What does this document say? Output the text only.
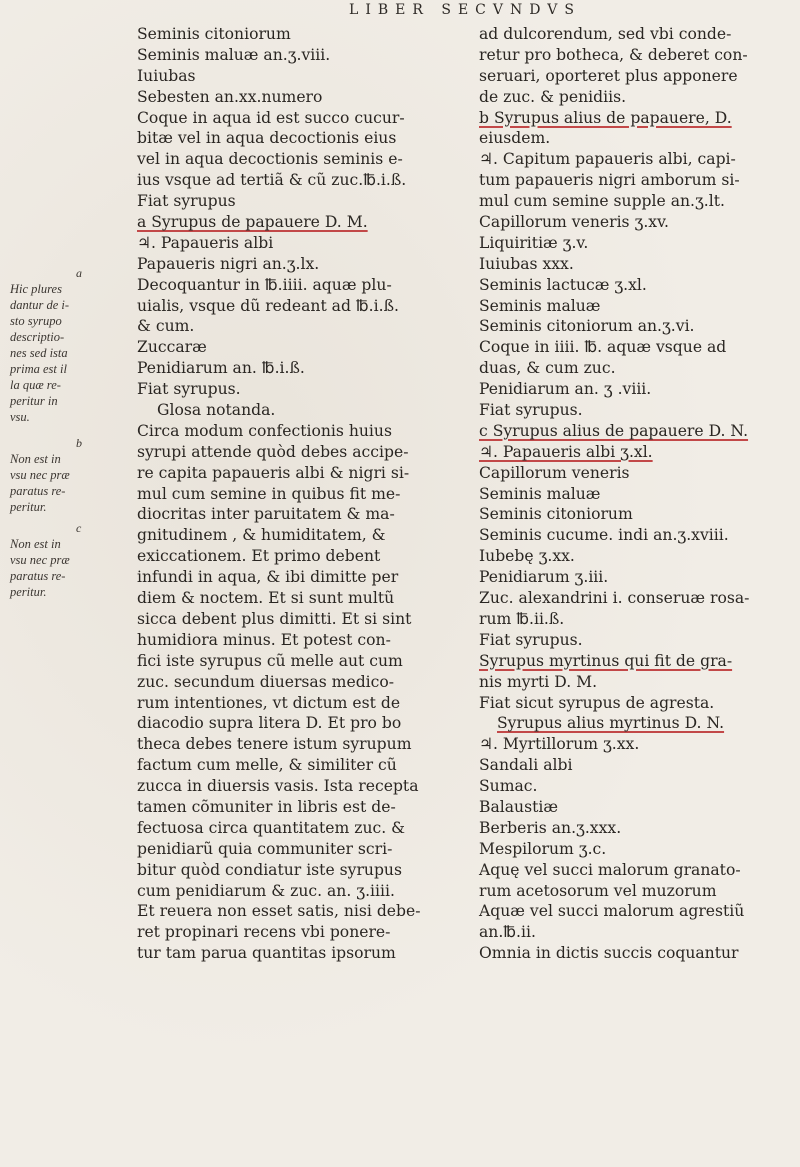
LIBER SECVNDVS
a
Hic plures
dantur de i-
sto syrupo
descriptio-
nes sed ista
prima est il
la quæ re-
peritur in
vsu.
b
Non est in
vsu nec præ
paratus re-
peritur.
c
Non est in
vsu nec præ
paratus re-
peritur.
Seminis citoniorum
Seminis maluæ an.ʒ.viii.
Iuiubas
Sebesten an.xx.numero
Coque in aqua id est succo cucur-
bitæ vel in aqua decoctionis eius
vel in aqua decoctionis seminis e-
ius vsque ad tertiã & cũ zuc.℔.i.ß.
Fiat syrupus
a Syrupus de papauere D. M.
♃. Papaueris albi
Papaueris nigri an.ʒ.lx.
Decoquantur in ℔.iiii. aquæ plu-
uialis, vsque dũ redeant ad ℔.i.ß.
& cum.
Zuccaræ
Penidiarum an. ℔.i.ß.
Fiat syrupus.
Glosa notanda.
Circa modum confectionis huius
syrupi attende quòd debes accipe-
re capita papaueris albi & nigri si-
mul cum semine in quibus fit me-
diocritas inter paruitatem & ma-
gnitudinem , & humiditatem, &
exiccationem. Et primo debent
infundi in aqua, & ibi dimitte per
diem & noctem. Et si sunt multũ
sicca debent plus dimitti. Et si sint
humidiora minus. Et potest con-
fici iste syrupus cũ melle aut cum
zuc. secundum diuersas medico-
rum intentiones, vt dictum est de
diacodio supra litera D. Et pro bo
theca debes tenere istum syrupum
factum cum melle, & similiter cũ
zucca in diuersis vasis. Ista recepta
tamen cõmuniter in libris est de-
fectuosa circa quantitatem zuc. &
penidiarũ quia communiter scri-
bitur quòd condiatur iste syrupus
cum penidiarum & zuc. an. ʒ.iiii.
Et reuera non esset satis, nisi debe-
ret propinari recens vbi ponere-
tur tam parua quantitas ipsorum
ad dulcorendum, sed vbi conde-
retur pro botheca, & deberet con-
seruari, oporteret plus apponere
de zuc. & penidiis.
b Syrupus alius de papauere, D.
eiusdem.
♃. Capitum papaueris albi, capi-
tum papaueris nigri amborum si-
mul cum semine supple an.ʒ.lt.
Capillorum veneris ʒ.xv.
Liquiritiæ ʒ.v.
Iuiubas xxx.
Seminis lactucæ ʒ.xl.
Seminis maluæ
Seminis citoniorum an.ʒ.vi.
Coque in iiii. ℔. aquæ vsque ad
duas, & cum zuc.
Penidiarum an. ʒ .viii.
Fiat syrupus.
c Syrupus alius de papauere D. N.
♃. Papaueris albi ʒ.xl.
Capillorum veneris
Seminis maluæ
Seminis citoniorum
Seminis cucume. indi an.ʒ.xviii.
Iubebę ʒ.xx.
Penidiarum ʒ.iii.
Zuc. alexandrini i. conseruæ rosa-
rum ℔.ii.ß.
Fiat syrupus.
Syrupus myrtinus qui fit de gra-
nis myrti D. M.
Fiat sicut syrupus de agresta.
Syrupus alius myrtinus D. N.
♃. Myrtillorum ʒ.xx.
Sandali albi
Sumac.
Balaustiæ
Berberis an.ʒ.xxx.
Mespilorum ʒ.c.
Aquę vel succi malorum granato-
rum acetosorum vel muzorum
Aquæ vel succi malorum agrestiũ
an.℔.ii.
Omnia in dictis succis coquantur
